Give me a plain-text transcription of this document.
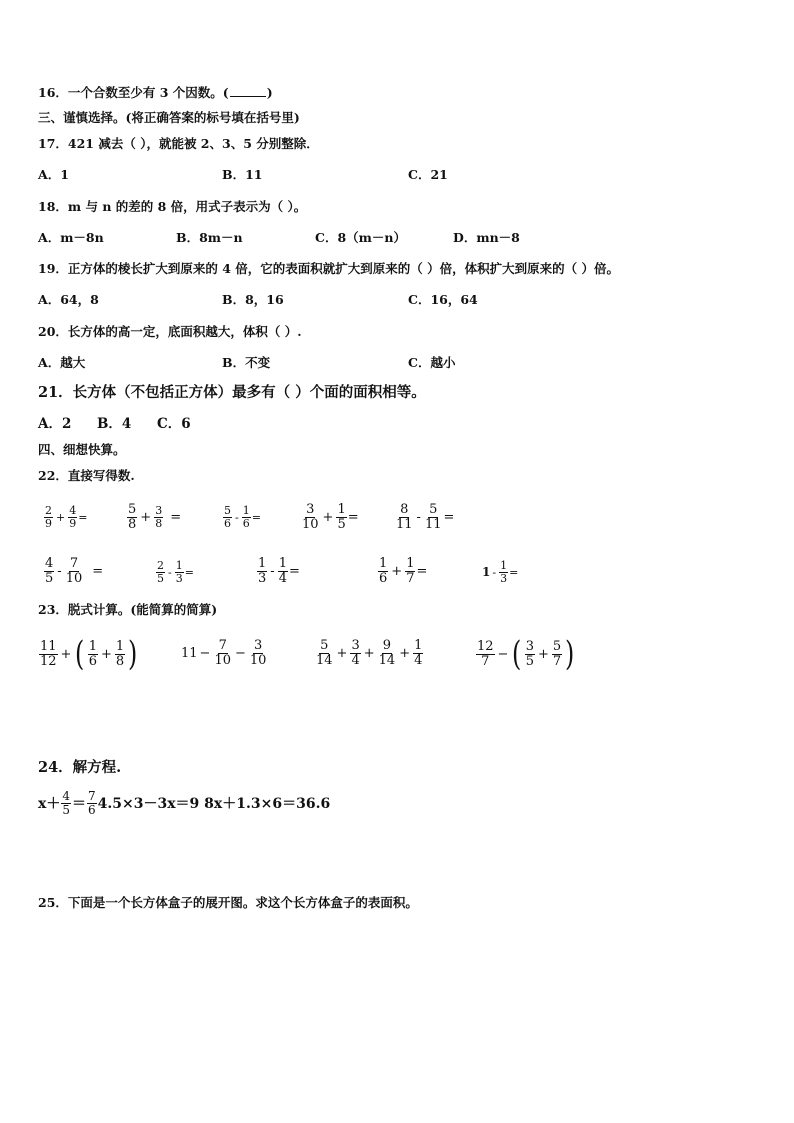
16．一个合数至少有 3 个因数。(	)
三、谨慎选择。(将正确答案的标号填在括号里)
17．421 减去（ ），就能被 2、3、5 分别整除．
A．1	B．11	C．21
18．m 与 n 的差的 8 倍，用式子表示为（ ）。
A．m－8n	B．8m－n	C．8（m－n）	D．mn－8
19．正方体的棱长扩大到原来的 4 倍，它的表面积就扩大到原来的（ ）倍，体积扩大到原来的（ ）倍。
A．64，8	B．8，16	C．16，64
20．长方体的高一定，底面积越大，体积（ ）.
A．越大	B．不变	C．越小
21．长方体（不包括正方体）最多有（ ）个面的面积相等。
A．2 B．4 C．6
四、细想快算。
22．直接写得数.
$\frac{2}{9} + \frac{4}{9}$ =	$\frac{5}{8} + \frac{3}{8}$ =	$\frac{5}{6} - \frac{1}{6}$ =	$\frac{3}{10} + \frac{1}{5}$ =	$\frac{8}{11} - \frac{5}{11}$ =
$\frac{4}{5} - \frac{7}{10}$ =	$\frac{2}{5} - \frac{1}{3}$ =	$\frac{1}{3} - \frac{1}{4}$ =	$\frac{1}{6} + \frac{1}{7}$ =	$1 - \frac{1}{3}$ =
23．脱式计算。(能简算的简算)
$\frac{11}{12}$ + ( $\frac{1}{6} + \frac{1}{8}$ )	$11 - \frac{7}{10} - \frac{3}{10}$	$\frac{5}{14} + \frac{3}{4} + \frac{9}{14} + \frac{1}{4}$	$\frac{12}{7}$ − ( $\frac{3}{5} + \frac{5}{7}$ )
24．解方程.
$x+ \frac{4}{5} = \frac{7}{6} 4.5\times 3-3x=9$ 8x＋1.3×6＝36.6
25．下面是一个长方体盒子的展开图。求这个长方体盒子的表面积。
